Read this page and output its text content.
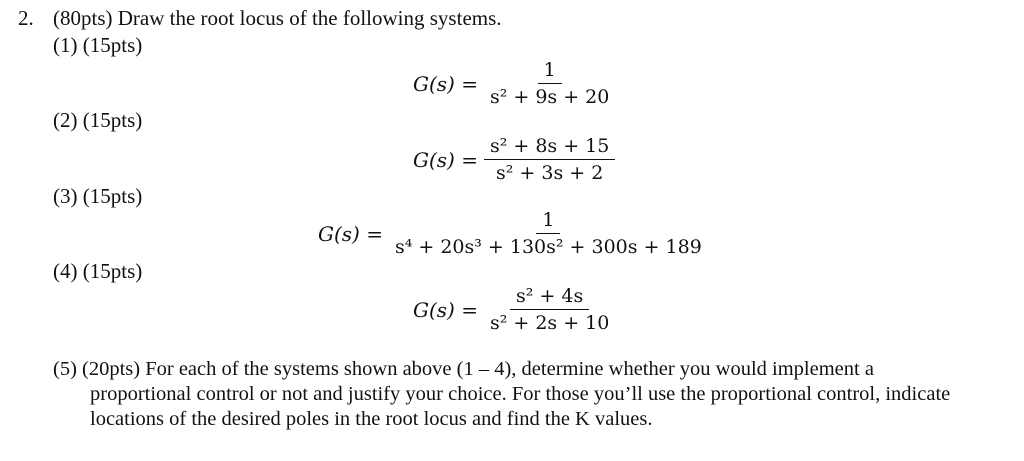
2. (80pts) Draw the root locus of the following systems.
(1) (15pts)
$G(s) = \frac{1}{\text{s² + 9s + 20}}$
(2) (15pts)
$G(s) = \frac{\text{s² + 8s + 15}}{\text{s² + 3s + 2}}$
(3) (15pts)
$G(s) = \frac{1}{\text{s⁴ + 20s³ + 130s² + 300s + 189}}$
(4) (15pts)
$G(s) = \frac{\text{s² + 4s}}{\text{s² + 2s + 10}}$
(5) (20pts) For each of the systems shown above (1 – 4), determine whether you would implement a
proportional control or not and justify your choice. For those you’ll use the proportional control, indicate
locations of the desired poles in the root locus and find the K values.
